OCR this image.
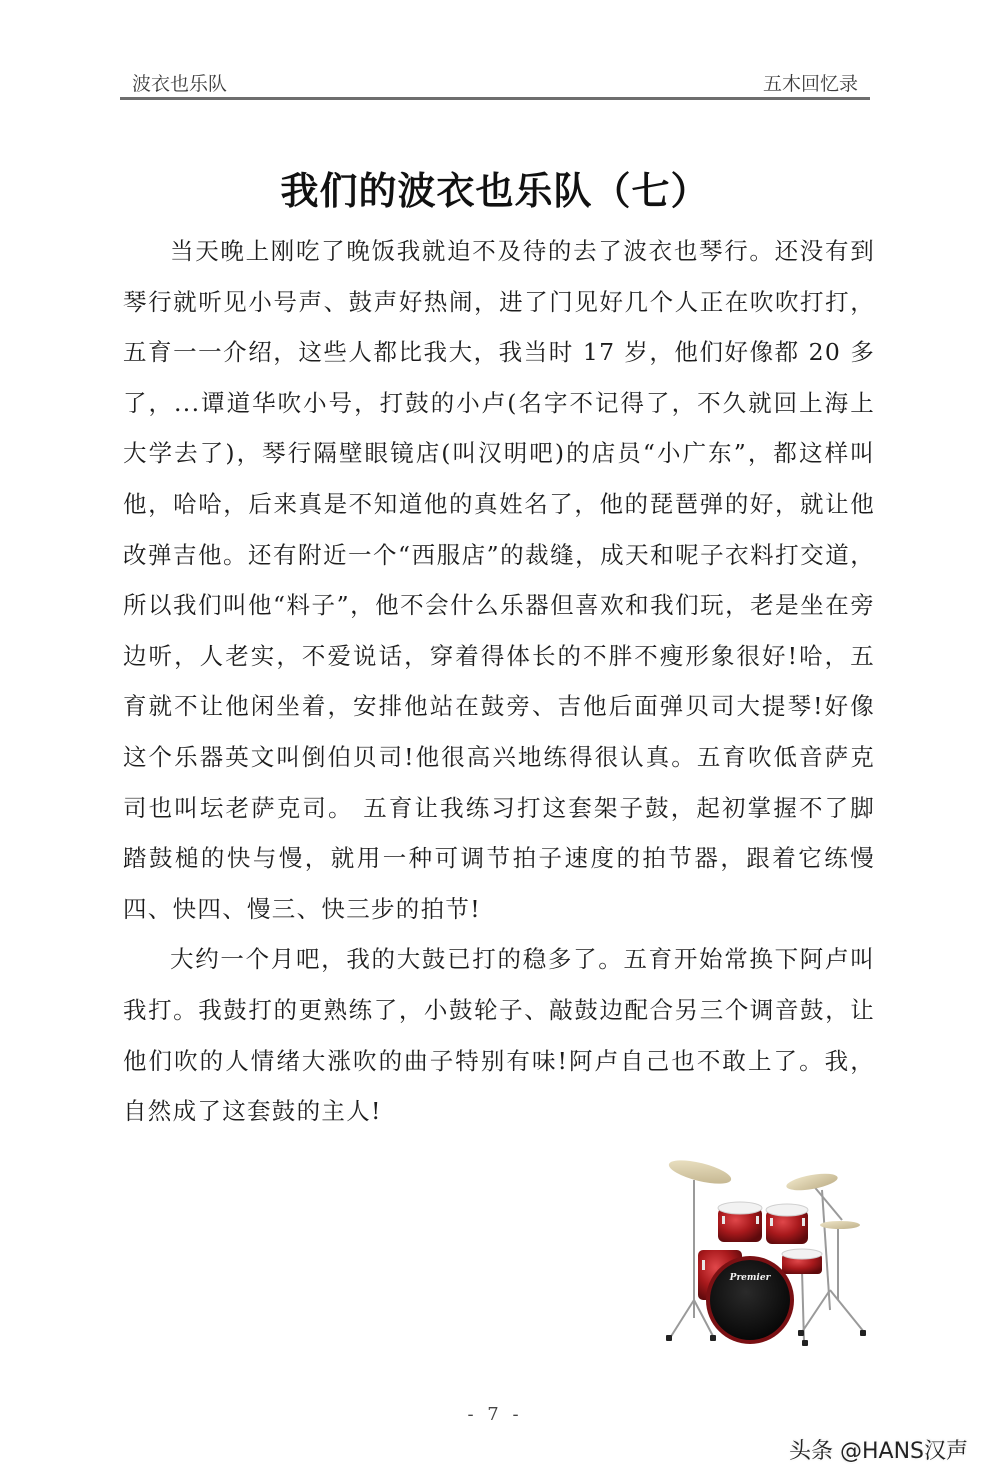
波衣也乐队	五木回忆录
我们的波衣也乐队（七）

当天晚上刚吃了晚饭我就迫不及待的去了波衣也琴行。还没有到琴行就听见小号声、鼓声好热闹，进了门见好几个人正在吹吹打打，五育一一介绍，这些人都比我大，我当时 17 岁，他们好像都 20 多了，...谭道华吹小号，打鼓的小卢(名字不记得了，不久就回上海上大学去了)，琴行隔壁眼镜店(叫汉明吧)的店员“小广东”，都这样叫他，哈哈，后来真是不知道他的真姓名了，他的琵琶弹的好，就让他改弹吉他。还有附近一个“西服店”的裁缝，成天和呢子衣料打交道，所以我们叫他“料子”，他不会什么乐器但喜欢和我们玩，老是坐在旁边听，人老实，不爱说话，穿着得体长的不胖不瘦形象很好!哈，五育就不让他闲坐着，安排他站在鼓旁、吉他后面弹贝司大提琴!好像这个乐器英文叫倒伯贝司!他很高兴地练得很认真。五育吹低音萨克司也叫坛老萨克司。 五育让我练习打这套架子鼓，起初掌握不了脚踏鼓槌的快与慢，就用一种可调节拍子速度的拍节器，跟着它练慢四、快四、慢三、快三步的拍节!

大约一个月吧，我的大鼓已打的稳多了。五育开始常换下阿卢叫我打。我鼓打的更熟练了，小鼓轮子、敲鼓边配合另三个调音鼓，让他们吹的人情绪大涨吹的曲子特别有味!阿卢自己也不敢上了。我，自然成了这套鼓的主人!

Premier
- 7 -
头条 @HANS汉声
